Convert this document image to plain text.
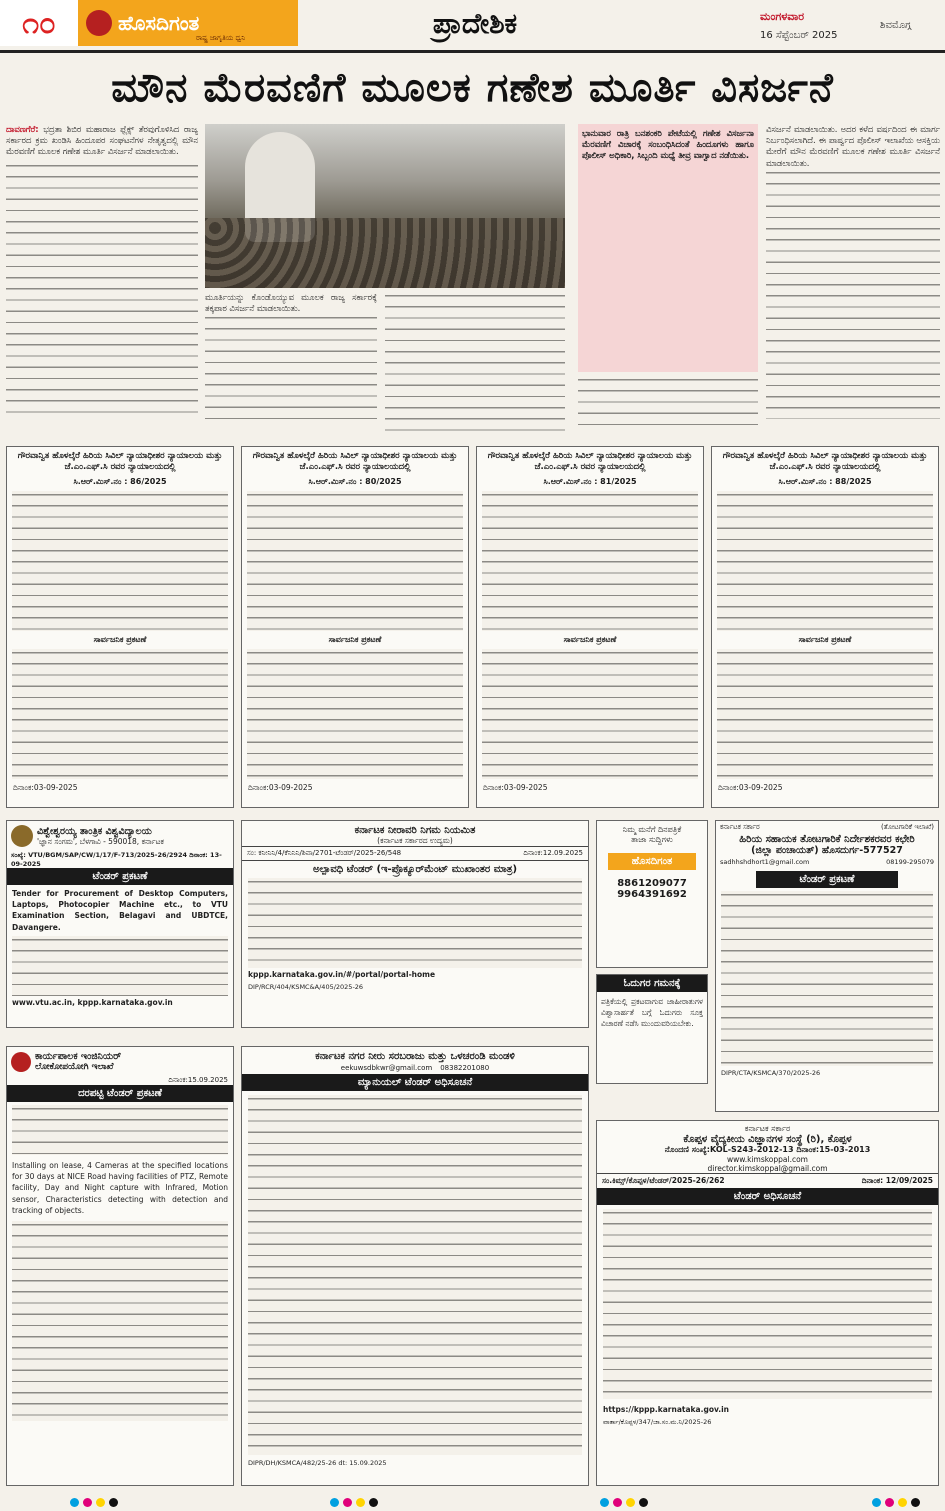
೧೦	ಹೊಸದಿಗಂತ
ರಾಷ್ಟ್ರ ಜಾಗೃತಿಯ ಧ್ವನಿ	ಪ್ರಾದೇಶಿಕ	ಮಂಗಳವಾರ
16 ಸೆಪ್ಟೆಂಬರ್ 2025
ಶಿವಮೊಗ್ಗ
ಮೌನ ಮೆರವಣಿಗೆ ಮೂಲಕ ಗಣೇಶ ಮೂರ್ತಿ ವಿಸರ್ಜನೆ
ದಾವಣಗೆರೆ: ಭದ್ರತಾ ಶಿಬಿರ ಮಹಾರಾಜ ಫ್ಲೆಕ್ಸ್ ತೆರವುಗೊಳಿಸಿದ ರಾಜ್ಯ ಸರ್ಕಾರದ ಕ್ರಮ ಖಂಡಿಸಿ ಹಿಂದೂಪರ ಸಂಘಟನೆಗಳ ನೇತೃತ್ವದಲ್ಲಿ ಮೌನ ಮೆರವಣಿಗೆ ಮೂಲಕ ಗಣೇಶ ಮೂರ್ತಿ ವಿಸರ್ಜನೆ ಮಾಡಲಾಯಿತು.
ಮೂರ್ತಿಯನ್ನು ಕೊಂಡೊಯ್ಯುವ ಮೂಲಕ ರಾಜ್ಯ ಸರ್ಕಾರಕ್ಕೆ ತಕ್ಕಪಾಠ ವಿಸರ್ಜನೆ ಮಾಡಲಾಯಿತು.
ಭಾನುವಾರ ರಾತ್ರಿ ಬನಶಂಕರಿ ಪೇಟೆಯಲ್ಲಿ ಗಣೇಶ ವಿಸರ್ಜನಾ ಮೆರವಣಿಗೆ ವಿಚಾರಕ್ಕೆ ಸಂಬಂಧಿಸಿದಂತೆ ಹಿಂದೂಗಳು ಹಾಗೂ ಪೊಲೀಸ್ ಅಧಿಕಾರಿ, ಸಿಬ್ಬಂದಿ ಮಧ್ಯೆ ತೀವ್ರ ವಾಗ್ವಾದ ನಡೆಯಿತು.
ವಿಸರ್ಜನೆ ಮಾಡಲಾಯಿತು. ಅದರ ಕಳೆದ ವರ್ಷದಿಂದ ಈ ಮಾರ್ಗ ನಿರ್ಬಂಧಿಸಲಾಗಿದೆ. ಈ ಪಾರ್ಷ್ವದ ಪೊಲೀಸ್ ಇಲಾಖೆಯ ಆಸಕ್ತಿಯ ಮೇರೆಗೆ ಮೌನ ಮೆರವಣಿಗೆ ಮೂಲಕ ಗಣೇಶ ಮೂರ್ತಿ ವಿಸರ್ಜನೆ ಮಾಡಲಾಯಿತು.
ಗೌರವಾನ್ವಿತ ಹೊಳಲ್ಕೆರೆ ಹಿರಿಯ ಸಿವಿಲ್ ನ್ಯಾಯಾಧೀಶರ ನ್ಯಾಯಾಲಯ ಮತ್ತು ಜೆ.ಎಂ.ಎಫ್.ಸಿ ರವರ ನ್ಯಾಯಾಲಯದಲ್ಲಿ
ಸಿ.ಆರ್.ಮಿಸ್.ನಂ : 86/2025
ಸಾರ್ವಜನಿಕ ಪ್ರಕಟಣೆ
ದಿನಾಂಕ:03-09-2025
ಗೌರವಾನ್ವಿತ ಹೊಳಲ್ಕೆರೆ ಹಿರಿಯ ಸಿವಿಲ್ ನ್ಯಾಯಾಧೀಶರ ನ್ಯಾಯಾಲಯ ಮತ್ತು ಜೆ.ಎಂ.ಎಫ್.ಸಿ ರವರ ನ್ಯಾಯಾಲಯದಲ್ಲಿ
ಸಿ.ಆರ್.ಮಿಸ್.ನಂ : 80/2025
ಸಾರ್ವಜನಿಕ ಪ್ರಕಟಣೆ
ದಿನಾಂಕ:03-09-2025
ಗೌರವಾನ್ವಿತ ಹೊಳಲ್ಕೆರೆ ಹಿರಿಯ ಸಿವಿಲ್ ನ್ಯಾಯಾಧೀಶರ ನ್ಯಾಯಾಲಯ ಮತ್ತು ಜೆ.ಎಂ.ಎಫ್.ಸಿ ರವರ ನ್ಯಾಯಾಲಯದಲ್ಲಿ
ಸಿ.ಆರ್.ಮಿಸ್.ನಂ : 81/2025
ಸಾರ್ವಜನಿಕ ಪ್ರಕಟಣೆ
ದಿನಾಂಕ:03-09-2025
ಗೌರವಾನ್ವಿತ ಹೊಳಲ್ಕೆರೆ ಹಿರಿಯ ಸಿವಿಲ್ ನ್ಯಾಯಾಧೀಶರ ನ್ಯಾಯಾಲಯ ಮತ್ತು ಜೆ.ಎಂ.ಎಫ್.ಸಿ ರವರ ನ್ಯಾಯಾಲಯದಲ್ಲಿ
ಸಿ.ಆರ್.ಮಿಸ್.ನಂ : 88/2025
ಸಾರ್ವಜನಿಕ ಪ್ರಕಟಣೆ
ದಿನಾಂಕ:03-09-2025
ವಿಶ್ವೇಶ್ವರಯ್ಯ ತಾಂತ್ರಿಕ ವಿಶ್ವವಿದ್ಯಾಲಯ
'ಜ್ಞಾನ ಸಂಗಮ', ಬೆಳಗಾವಿ - 590018, ಕರ್ನಾಟಕ
ಸಂಖ್ಯೆ: VTU/BGM/SAP/CW/1/17/F-713/2025-26/2924 ದಿನಾಂಕ: 13-09-2025
ಟೆಂಡರ್ ಪ್ರಕಟಣೆ
Tender for Procurement of Desktop Computers, Laptops, Photocopier Machine etc., to VTU Examination Section, Belagavi and UBDTCE, Davangere.
www.vtu.ac.in, kppp.karnataka.gov.in
ಕರ್ನಾಟಕ ನೀರಾವರಿ ನಿಗಮ ನಿಯಮಿತ
(ಕರ್ನಾಟಕ ಸರ್ಕಾರದ ಉದ್ಯಮ)
ಸಂ: ಕನೀನಿನಿ/4/ಕೆನಿನಿನಿ/ಶಿವಾ/2701-ಟೆಂಡರ್/2025-26/548	ದಿನಾಂಕ:12.09.2025
ಅಲ್ಪಾವಧಿ ಟೆಂಡರ್ (ಇ-ಪ್ರೊಕ್ಯೂರ್‌ಮೆಂಟ್ ಮುಖಾಂತರ ಮಾತ್ರ)
kppp.karnataka.gov.in/#/portal/portal-home
DIP/RCR/404/KSMC&A/405/2025-26
ನಿಮ್ಮ ಮನೆಗೆ ದಿನಪತ್ರಿಕೆ
ತಾಜಾ ಸುದ್ದಿಗಳು
ಹೊಸದಿಗಂತ
8861209077
9964391692
ಓದುಗರ ಗಮನಕ್ಕೆ
ಪತ್ರಿಕೆಯಲ್ಲಿ ಪ್ರಕಟವಾಗುವ ಜಾಹೀರಾತುಗಳ ವಿಶ್ವಾಸಾರ್ಹತೆ ಬಗ್ಗೆ ಓದುಗರು ಸೂಕ್ತ ವಿಚಾರಣೆ ನಡೆಸಿ ಮುಂದುವರಿಯಬೇಕು.
ಕರ್ನಾಟಕ ಸರ್ಕಾರ	(ತೋಟಗಾರಿಕೆ ಇಲಾಖೆ)
ಹಿರಿಯ ಸಹಾಯಕ ತೋಟಗಾರಿಕೆ ನಿರ್ದೇಶಕರವರ ಕಛೇರಿ
(ಜಿಲ್ಲಾ ಪಂಚಾಯತ್) ಹೊಸದುರ್ಗ-577527
sadhhshdhort1@gmail.com	08199-295079
ಟೆಂಡರ್ ಪ್ರಕಟಣೆ
DIPR/CTA/KSMCA/370/2025-26
ಕಾರ್ಯಪಾಲಕ ಇಂಜಿನಿಯರ್
ಲೋಕೋಪಯೋಗಿ ಇಲಾಖೆ
ದಿನಾಂಕ:15.09.2025
ದರಪಟ್ಟಿ ಟೆಂಡರ್ ಪ್ರಕಟಣೆ
Installing on lease, 4 Cameras at the specified locations for 30 days at NICE Road having facilities of PTZ, Remote facility, Day and Night capture with Infrared, Motion sensor, Characteristics detecting with detection and tracking of objects.
ಕರ್ನಾಟಕ ನಗರ ನೀರು ಸರಬರಾಜು ಮತ್ತು ಒಳಚರಂಡಿ ಮಂಡಳಿ
eekuwsdbkwr@gmail.com 08382201080
ಮ್ಯಾನುಯಲ್ ಟೆಂಡರ್ ಅಧಿಸೂಚನೆ
DIPR/DH/KSMCA/482/25-26 dt: 15.09.2025
ಕರ್ನಾಟಕ ಸರ್ಕಾರ
ಕೊಪ್ಪಳ ವೈದ್ಯಕೀಯ ವಿಜ್ಞಾನಗಳ ಸಂಸ್ಥೆ (ರಿ), ಕೊಪ್ಪಳ
ನೊಂದಣಿ ಸಂಖ್ಯೆ:KOL-S243-2012-13 ದಿನಾಂಕ:15-03-2013
www.kimskoppal.com
director.kimskoppal@gmail.com
ಸಂ.ಕಿಮ್ಸ್/ಕೊಪ್ಪಳ/ಟೆಂಡರ್/2025-26/262	ದಿನಾಂಕ: 12/09/2025
ಟೆಂಡರ್ ಅಧಿಸೂಚನೆ
https://kppp.karnataka.gov.in
ವಾರ್ತಾ/ಕೊಪ್ಪಳ/347/ಜಾ.ಸಂ.ಮ.ನಿ/2025-26
